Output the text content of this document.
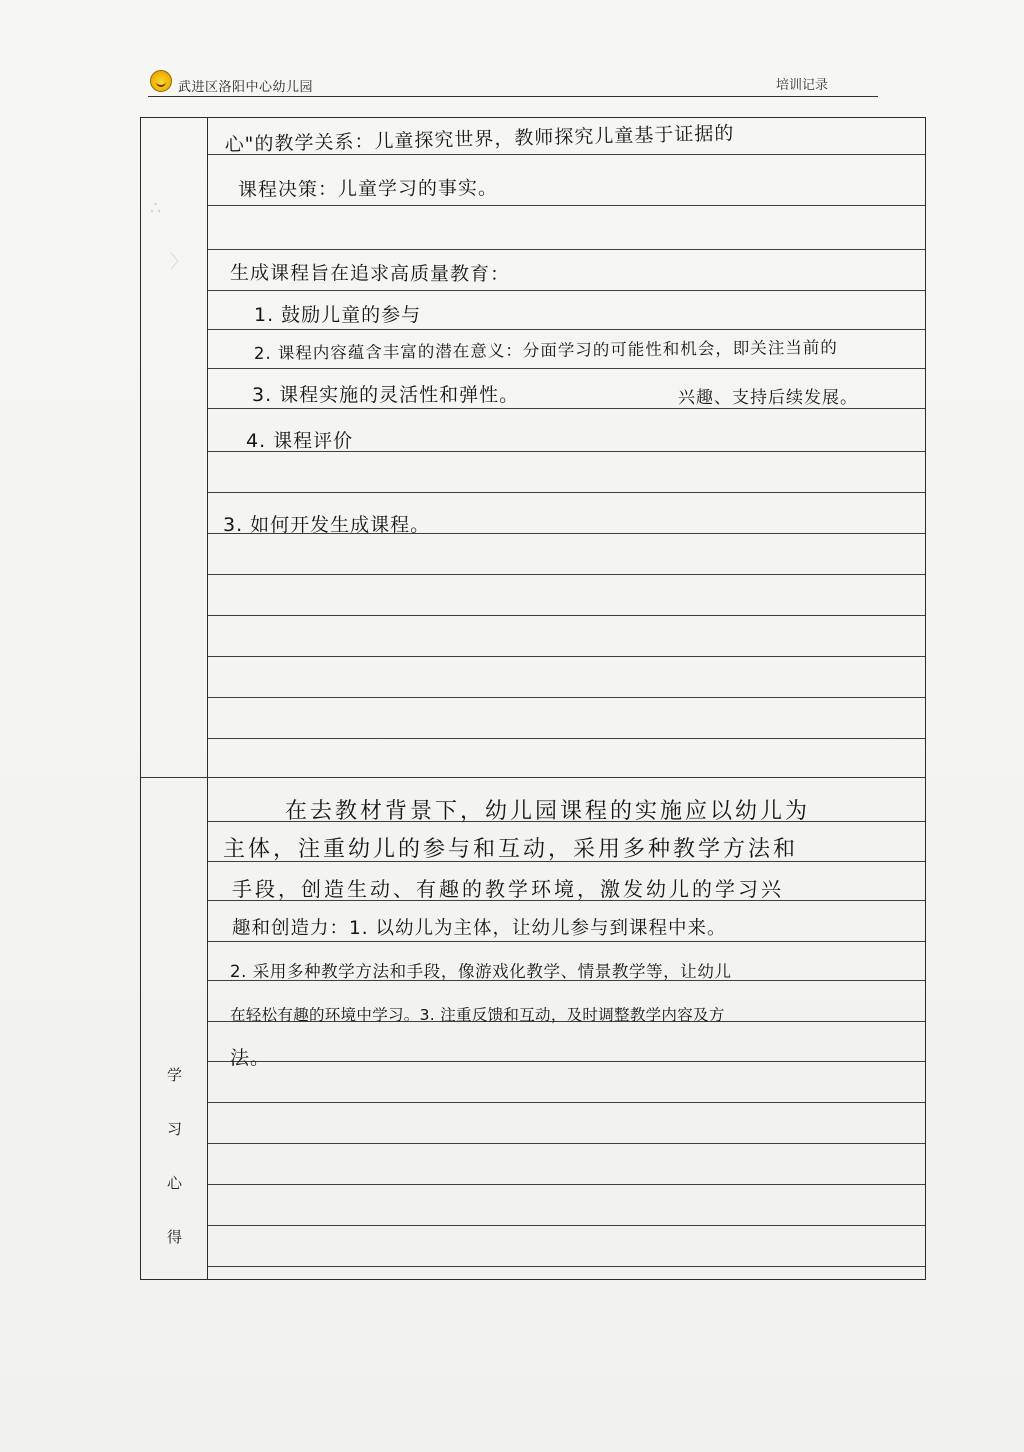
武进区洛阳中心幼儿园	培训记录
学
习
心
得
∴
〉
心"的教学关系：儿童探究世界，教师探究儿童基于证据的
课程决策：儿童学习的事实。
生成课程旨在追求高质量教育：
1. 鼓励儿童的参与
2. 课程内容蕴含丰富的潜在意义：分面学习的可能性和机会，即关注当前的
3. 课程实施的灵活性和弹性。	兴趣、支持后续发展。
4. 课程评价
3. 如何开发生成课程。
在去教材背景下，幼儿园课程的实施应以幼儿为
主体，注重幼儿的参与和互动，采用多种教学方法和
手段，创造生动、有趣的教学环境，激发幼儿的学习兴
趣和创造力：1. 以幼儿为主体，让幼儿参与到课程中来。
2. 采用多种教学方法和手段，像游戏化教学、情景教学等，让幼儿
在轻松有趣的环境中学习。3. 注重反馈和互动，及时调整教学内容及方
法。
